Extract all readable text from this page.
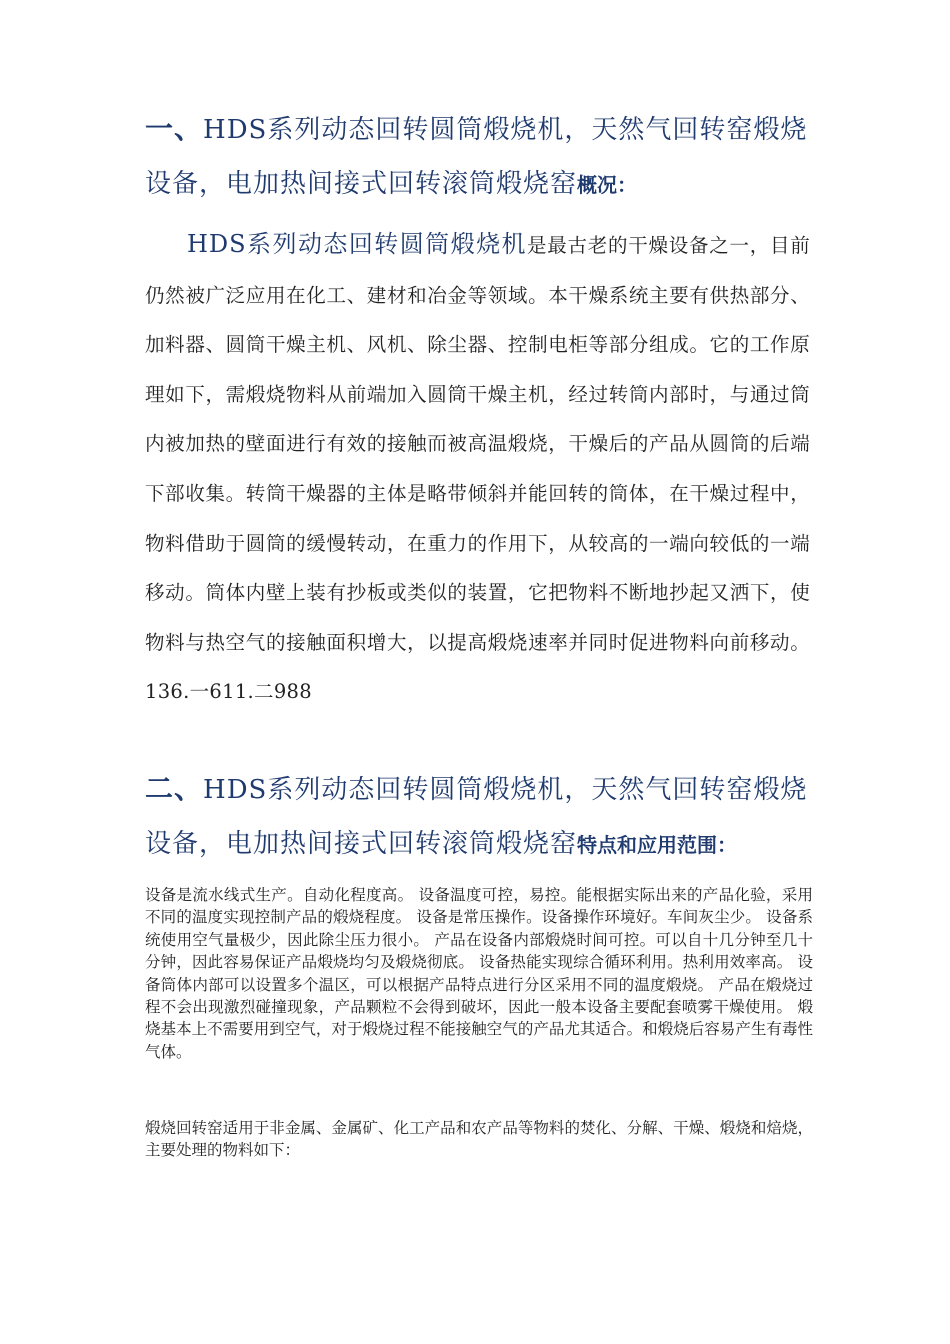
一、HDS系列动态回转圆筒煅烧机，天然气回转窑煅烧设备，电加热间接式回转滚筒煅烧窑概况：
HDS系列动态回转圆筒煅烧机是最古老的干燥设备之一，目前仍然被广泛应用在化工、建材和冶金等领域。本干燥系统主要有供热部分、加料器、圆筒干燥主机、风机、除尘器、控制电柜等部分组成。它的工作原理如下，需煅烧物料从前端加入圆筒干燥主机，经过转筒内部时，与通过筒内被加热的壁面进行有效的接触而被高温煅烧，干燥后的产品从圆筒的后端下部收集。转筒干燥器的主体是略带倾斜并能回转的筒体，在干燥过程中，物料借助于圆筒的缓慢转动，在重力的作用下，从较高的一端向较低的一端移动。筒体内壁上装有抄板或类似的装置，它把物料不断地抄起又洒下，使物料与热空气的接触面积增大，以提高煅烧速率并同时促进物料向前移动。136.一611.二988
二、HDS系列动态回转圆筒煅烧机，天然气回转窑煅烧设备，电加热间接式回转滚筒煅烧窑特点和应用范围：
设备是流水线式生产。自动化程度高。 设备温度可控，易控。能根据实际出来的产品化验，采用不同的温度实现控制产品的煅烧程度。 设备是常压操作。设备操作环境好。车间灰尘少。 设备系统使用空气量极少，因此除尘压力很小。 产品在设备内部煅烧时间可控。可以自十几分钟至几十分钟，因此容易保证产品煅烧均匀及煅烧彻底。 设备热能实现综合循环利用。热利用效率高。 设备筒体内部可以设置多个温区，可以根据产品特点进行分区采用不同的温度煅烧。 产品在煅烧过程不会出现激烈碰撞现象，产品颗粒不会得到破坏，因此一般本设备主要配套喷雾干燥使用。 煅烧基本上不需要用到空气，对于煅烧过程不能接触空气的产品尤其适合。和煅烧后容易产生有毒性气体。
煅烧回转窑适用于非金属、金属矿、化工产品和农产品等物料的焚化、分解、干燥、煅烧和焙烧，主要处理的物料如下：
